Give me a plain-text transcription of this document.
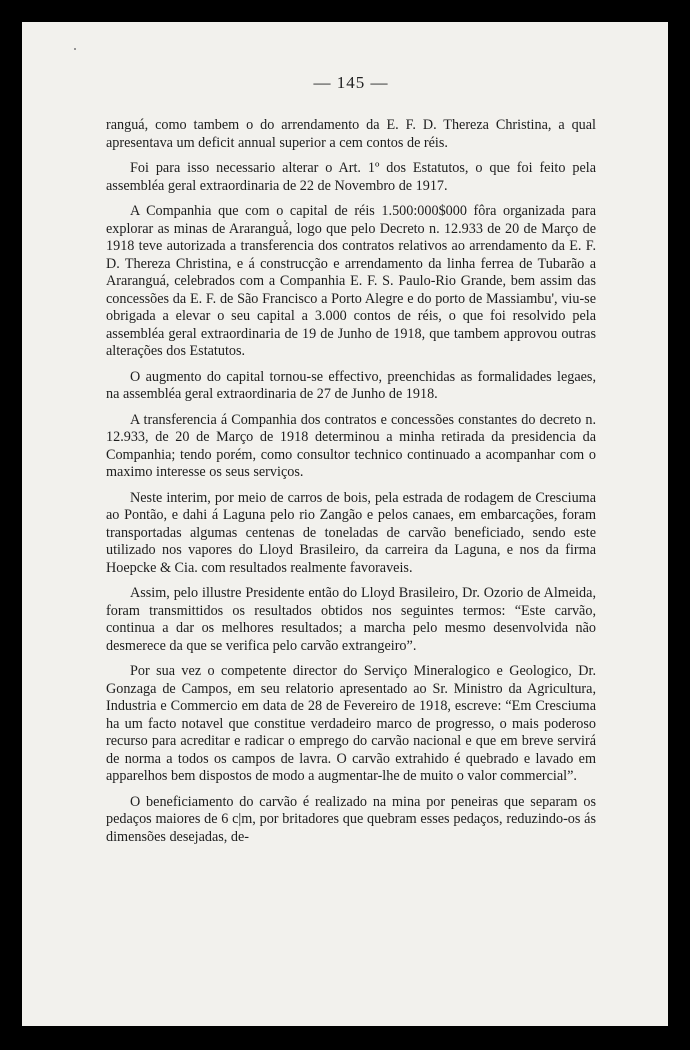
— 145 —

ranguá, como tambem o do arrendamento da E. F. D. Thereza Christina, a qual apresentava um deficit annual superior a cem contos de réis.

Foi para isso necessario alterar o Art. 1º dos Estatutos, o que foi feito pela assembléa geral extraordinaria de 22 de Novembro de 1917.

A Companhia que com o capital de réis 1.500:000$000 fôra organizada para explorar as minas de Araranguá, logo que pelo Decreto n. 12.933 de 20 de Março de 1918 teve autorizada a transferencia dos contratos relativos ao arrendamento da E. F. D. Thereza Christina, e á construcção e arrendamento da linha ferrea de Tubarão a Araranguá, celebrados com a Companhia E. F. S. Paulo-Rio Grande, bem assim das concessões da E. F. de São Francisco a Porto Alegre e do porto de Massiambu', viu-se obrigada a elevar o seu capital a 3.000 contos de réis, o que foi resolvido pela assembléa geral extraordinaria de 19 de Junho de 1918, que tambem approvou outras alterações dos Estatutos.

O augmento do capital tornou-se effectivo, preenchidas as formalidades legaes, na assembléa geral extraordinaria de 27 de Junho de 1918.

A transferencia á Companhia dos contratos e concessões constantes do decreto n. 12.933, de 20 de Março de 1918 determinou a minha retirada da presidencia da Companhia; tendo porém, como consultor technico continuado a acompanhar com o maximo interesse os seus serviços.

Neste interim, por meio de carros de bois, pela estrada de rodagem de Cresciuma ao Pontão, e dahi á Laguna pelo rio Zangão e pelos canaes, em embarcações, foram transportadas algumas centenas de toneladas de carvão beneficiado, sendo este utilizado nos vapores do Lloyd Brasileiro, da carreira da Laguna, e nos da firma Hoepcke & Cia. com resultados realmente favoraveis.

Assim, pelo illustre Presidente então do Lloyd Brasileiro, Dr. Ozorio de Almeida, foram transmittidos os resultados obtidos nos seguintes termos: “Este carvão, continua a dar os melhores resultados; a marcha pelo mesmo desenvolvida não desmerece da que se verifica pelo carvão extrangeiro”.

Por sua vez o competente director do Serviço Mineralogico e Geologico, Dr. Gonzaga de Campos, em seu relatorio apresentado ao Sr. Ministro da Agricultura, Industria e Commercio em data de 28 de Fevereiro de 1918, escreve: “Em Cresciuma ha um facto notavel que constitue verdadeiro marco de progresso, o mais poderoso recurso para acreditar e radicar o emprego do carvão nacional e que em breve servirá de norma a todos os campos de lavra. O carvão extrahido é quebrado e lavado em apparelhos bem dispostos de modo a augmentar-lhe de muito o valor commercial”.

O beneficiamento do carvão é realizado na mina por peneiras que separam os pedaços maiores de 6 c|m, por britadores que quebram esses pedaços, reduzindo-os ás dimensões desejadas, de-
